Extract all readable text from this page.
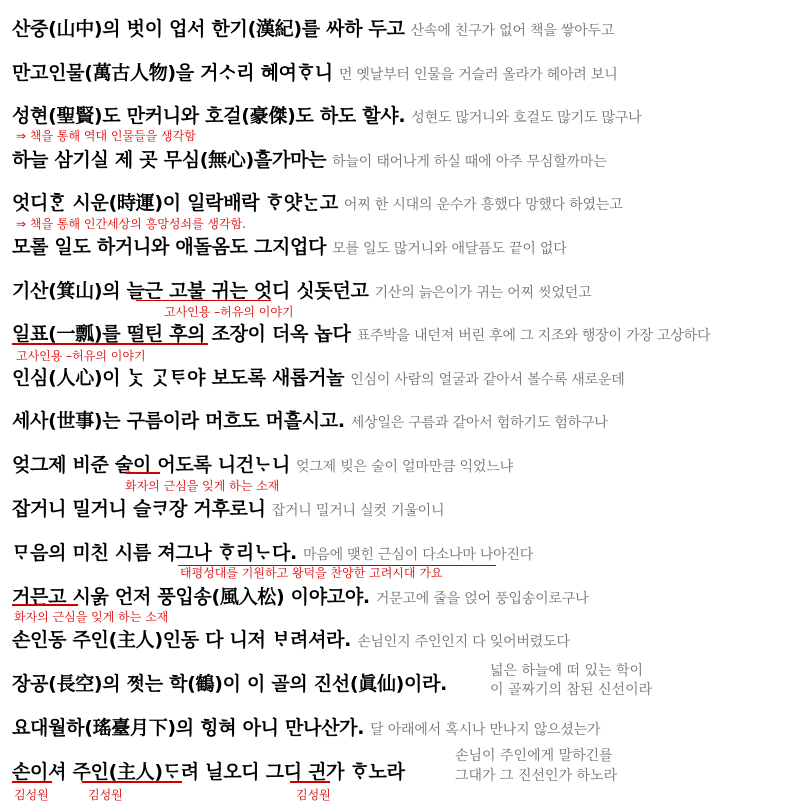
산중(山中)의 벗이 업서 한기(漢紀)를 싸하 두고 산속에 친구가 없어 책을 쌓아두고
만고인물(萬古人物)을 거ᄉᆞ리 혜여ᄒᆞ니 먼 옛날부터 인물을 거슬러 올라가 헤아려 보니
성현(聖賢)도 만커니와 호걸(豪傑)도 하도 할샤. 성현도 많거니와 호걸도 많기도 많구나
⇒ 책을 통해 역대 인물들을 생각함
하늘 삼기실 제 곳 무심(無心)흘가마는 하늘이 태어나게 하실 때에 아주 무심할까마는
엇디ᄒᆞᆫ 시운(時運)이 일락배락 ᄒᆞ얏ᄂᆞᆫ고 어찌 한 시대의 운수가 흥했다 망했다 하였는고
⇒ 책을 통해 인간세상의 흥망성쇠를 생각함.
모롤 일도 하거니와 애돌옴도 그지업다 모를 일도 많거니와 애달픔도 끝이 없다
기산(箕山)의 늘근 고불 귀는 엇디 싯돗던고 기산의 늙은이가 귀는 어찌 씻었던고
고사인용 –허유의 이야기
일표(一瓢)를 떨틴 후의 조장이 더옥 놉다 표주박을 내던져 버린 후에 그 지조와 행장이 가장 고상하다
고사인용 –허유의 이야기
인심(人心)이 ᄂᆞᆺ ᄀᆞᆺᄐᆞ야 보도록 새롭거놀 인심이 사람의 얼굴과 같아서 볼수록 새로운데
세사(世事)는 구름이라 머흐도 머흘시고. 세상일은 구름과 같아서 험하기도 험하구나
엊그제 비준 술이 어도록 니건ᄂᆞ니 엊그제 빚은 술이 얼마만큼 익었느냐
화자의 근심을 잊게 하는 소재
잡거니 밀거니 슬ᄏᆞ장 거후로니 잡거니 밀거니 실컷 기울이니
ᄆᆞ음의 미친 시름 져그나 ᄒᆞ리ᄂᆞ다. 마음에 맺힌 근심이 다소나마 나아진다
태평성대를 기원하고 왕덕을 찬양한 고려시대 가요
거믄고 시욹 언저 풍입송(風入松) 이야고야. 거문고에 줄을 얹어 풍입송이로구나
화자의 근심을 잊게 하는 소재
손인동 주인(主人)인동 다 니저 ᄇᆞ려셔라. 손님인지 주인인지 다 잊어버렸도다
장공(長空)의 쩟는 학(鶴)이 이 골의 진선(眞仙)이라.
넓은 하늘에 떠 있는 학이
이 골짜기의 참된 신선이라
요대월하(瑤臺月下)의 힝혀 아니 만나산가. 달 아래에서 혹시나 만나지 않으셨는가
손이셔 주인(主人)ᄃᆞ려 닐오디 그디 긘가 ᄒᆞ노라
손님이 주인에게 말하긴를
그대가 그 진선인가 하노라
김성원	김성원	김성원
